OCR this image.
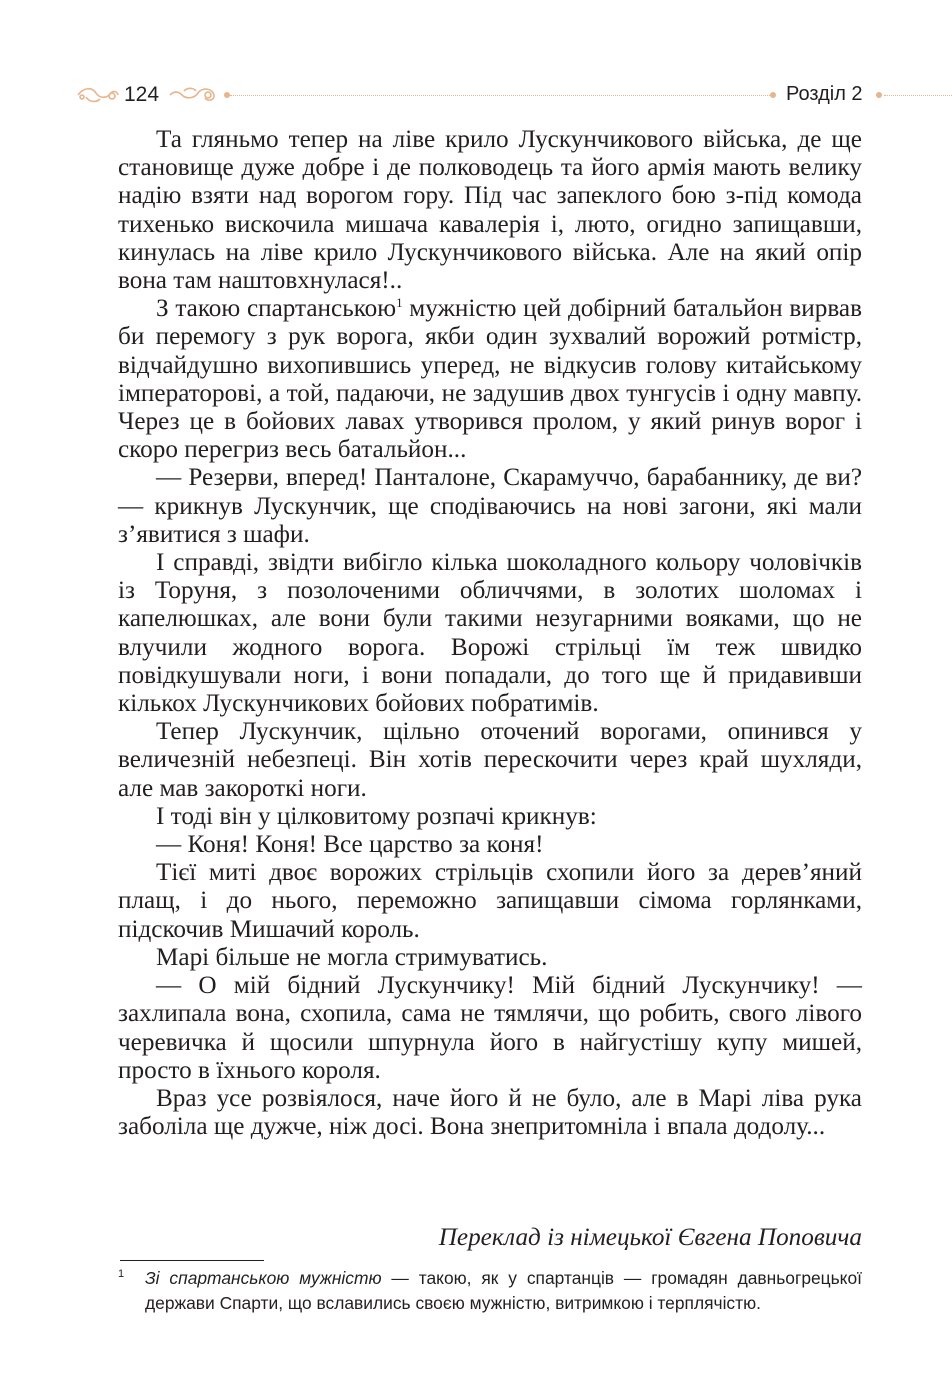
124	Розділ 2

Та гляньмо тепер на ліве крило Лускунчикового війська, де ще становище дуже добре і де полководець та його армія мають велику надію взяти над ворогом гору. Під час запеклого бою з-під комода тихенько вискочила мишача кавалерія і, люто, огидно запищавши, кинулась на ліве крило Лускунчикового війська. Але на який опір вона там наштовхнулася!..

З такою спартанською$^1$ мужністю цей добірний батальйон вирвав би перемогу з рук ворога, якби один зухвалий ворожий ротмістр, відчайдушно вихопившись уперед, не відкусив голову китайському імператорові, а той, падаючи, не задушив двох тунгусів і одну мавпу. Через це в бойових лавах утворився пролом, у який ринув ворог і скоро перегриз весь батальйон...

— Резерви, вперед! Панталоне, Скарамуччо, барабаннику, де ви? — крикнув Лускунчик, ще сподіваючись на нові загони, які мали з’явитися з шафи.

І справді, звідти вибігло кілька шоколадного кольору чоловічків із Торуня, з позолоченими обличчями, в золотих шоломах і капелюшках, але вони були такими незугарними вояками, що не влучили жодного ворога. Ворожі стрільці їм теж швидко повідкушували ноги, і вони попадали, до того ще й придавивши кількох Лускунчикових бойових побратимів.

Тепер Лускунчик, щільно оточений ворогами, опинився у величезній небезпеці. Він хотів перескочити через край шухляди, але мав закороткі ноги.

І тоді він у цілковитому розпачі крикнув:

— Коня! Коня! Все царство за коня!

Тієї миті двоє ворожих стрільців схопили його за дерев’яний плащ, і до нього, переможно запищавши сімома горлянками, підскочив Мишачий король.

Марі більше не могла стримуватись.

— О мій бідний Лускунчику! Мій бідний Лускунчику! — захлипала вона, схопила, сама не тямлячи, що робить, свого лівого черевичка й щосили шпурнула його в найгустішу купу мишей, просто в їхнього короля.

Враз усе розвіялося, наче його й не було, але в Марі ліва рука заболіла ще дужче, ніж досі. Вона знепритомніла і впала додолу...

Переклад із німецької Євгена Поповича
1	Зі спартанською мужністю — такою, як у спартанців — громадян давньогрецької держави Спарти, що вславились своєю мужністю, витримкою і терплячістю.
